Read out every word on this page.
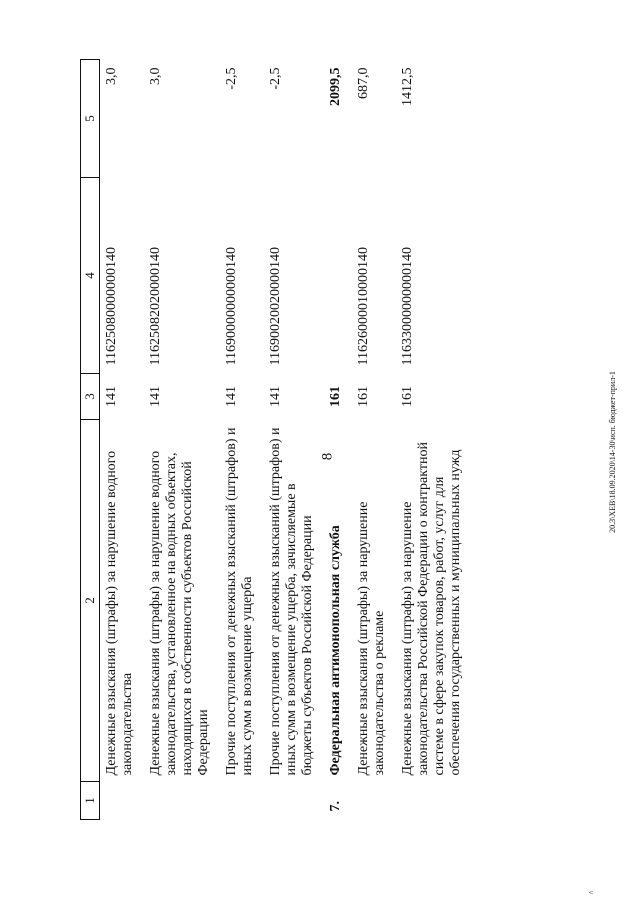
8	20.3\ХЕВ\18.09.2020\14-30\исп. бюджет-прил-1
^
1	2	3	4	5
	Денежные взыскания (штрафы) за нарушение водного законодательства	141	11625080000000140	3,0
	Денежные взыскания (штрафы) за нарушение водного законодательства, установленное на водных объектах, находящихся в собственности субъектов Российской Федерации	141	11625082020000140	3,0
	Прочие поступления от денежных взысканий (штрафов) и иных сумм в возмещение ущерба	141	11690000000000140	-2,5
	Прочие поступления от денежных взысканий (штрафов) и иных сумм в возмещение ущерба, зачисляемые в бюджеты субъектов Российской Федерации	141	11690020020000140	-2,5
7.	Федеральная антимонопольная служба	161		2099,5
	Денежные взыскания (штрафы) за нарушение законодательства о рекламе	161	11626000010000140	687,0
	Денежные взыскания (штрафы) за нарушение законодательства Российской Федерации о контрактной системе в сфере закупок товаров, работ, услуг для обеспечения государственных и муниципальных нужд	161	11633000000000140	1412,5
